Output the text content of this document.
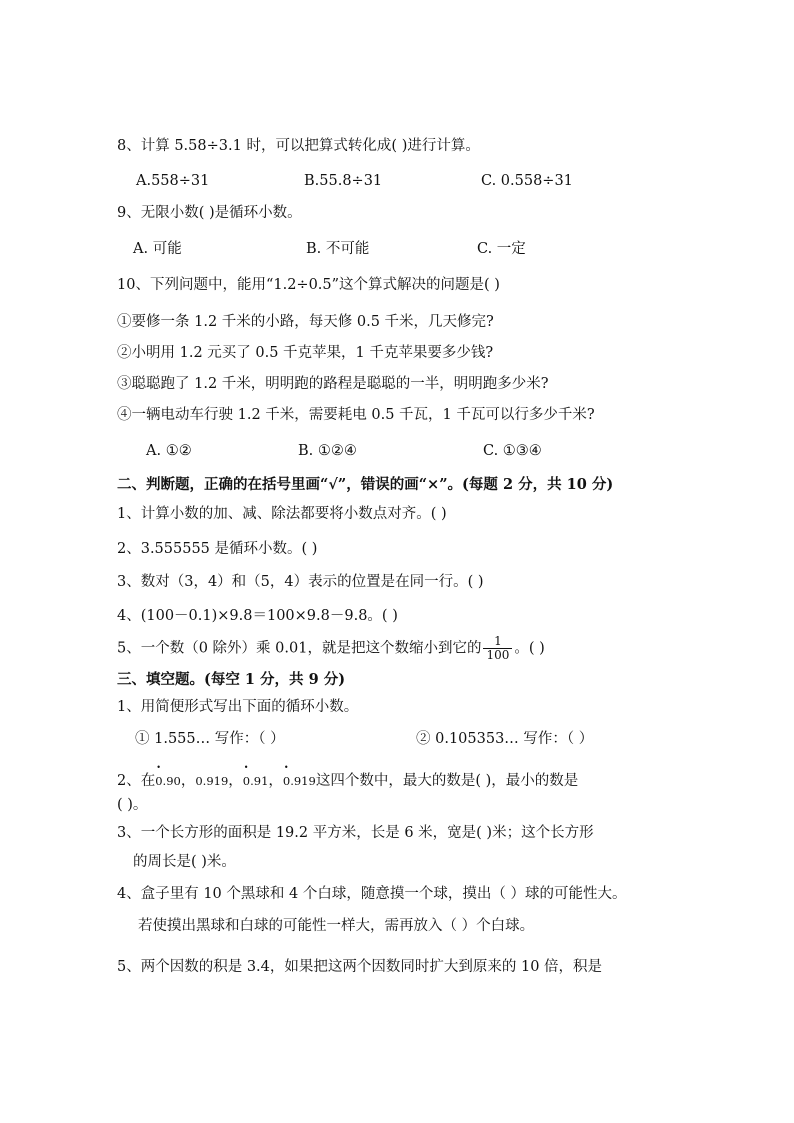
8、计算 5.58÷3.1 时，可以把算式转化成( )进行计算。
A.558÷31	B.55.8÷31	C. 0.558÷31
9、无限小数( )是循环小数。
A. 可能	B. 不可能	C. 一定
10、下列问题中，能用“1.2÷0.5”这个算式解决的问题是( )
①要修一条 1.2 千米的小路，每天修 0.5 千米，几天修完?
②小明用 1.2 元买了 0.5 千克苹果，1 千克苹果要多少钱?
③聪聪跑了 1.2 千米，明明跑的路程是聪聪的一半，明明跑多少米?
④一辆电动车行驶 1.2 千米，需要耗电 0.5 千瓦，1 千瓦可以行多少千米?
A. ①②	B. ①②④	C. ①③④
二、判断题，正确的在括号里画“√”，错误的画“×”。(每题 2 分，共 10 分)
1、计算小数的加、减、除法都要将小数点对齐。( )
2、3.555555 是循环小数。( )
3、数对（3，4）和（5，4）表示的位置是在同一行。( )
4、(100－0.1)×9.8＝100×9.8－9.8。( )
5、一个数（0 除外）乘 0.01，就是把这个数缩小到它的 $\frac{1}{100}$ 。( )
三、填空题。(每空 1 分，共 9 分)
1、用简便形式写出下面的循环小数。
① 1.555… 写作：（ ）	② 0.105353… 写作：（ ）
2、在• 0.90，0.919，• 0.91，• 0.919这四个数中，最大的数是( )，最小的数是
( )。
3、一个长方形的面积是 19.2 平方米，长是 6 米，宽是( )米；这个长方形
的周长是( )米。
4、盒子里有 10 个黑球和 4 个白球，随意摸一个球，摸出（ ）球的可能性大。
若使摸出黑球和白球的可能性一样大，需再放入（ ）个白球。
5、两个因数的积是 3.4，如果把这两个因数同时扩大到原来的 10 倍，积是
